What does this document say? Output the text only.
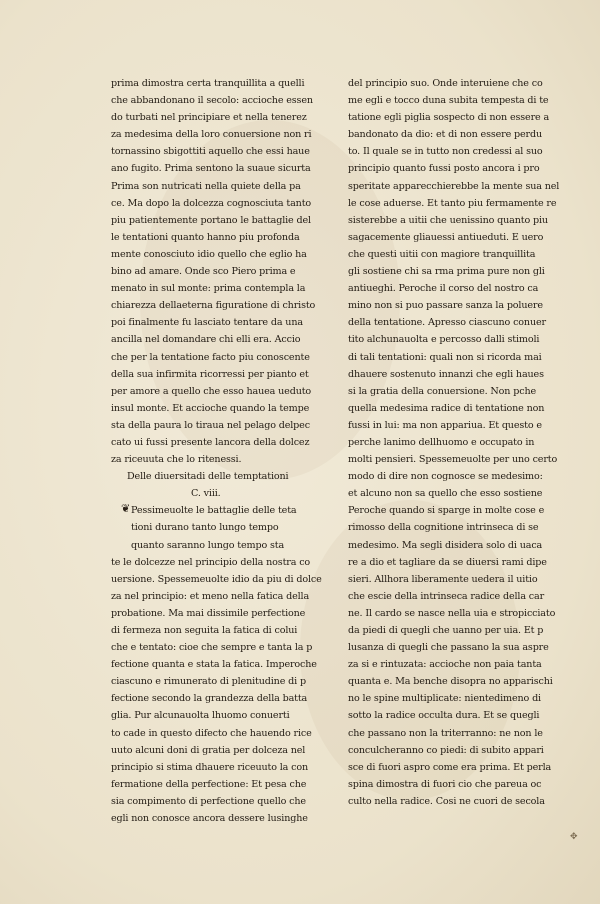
prima dimostra certa tranquillita a quelli
che abbandonano il secolo: accioche essen
do turbati nel principiare et nella tenerez
za medesima della loro conuersione non ri
tornassino sbigottiti aquello che essi haue
ano fugito. Prima sentono la suaue sicurta
Prima son nutricati nella quiete della pa
ce. Ma dopo la dolcezza cognosciuta tanto
piu patientemente portano le battaglie del
le tentationi quanto hanno piu profonda
mente conosciuto idio quello che eglio ha
bino ad amare. Onde sco Piero prima e
menato in sul monte: prima contempla la
chiarezza dellaeterna figuratione di christo
poi finalmente fu lasciato tentare da una
ancilla nel domandare chi elli era. Accio
che per la tentatione facto piu conoscente
della sua infirmita ricorressi per pianto et
per amore a quello che esso hauea ueduto
insul monte. Et accioche quando la tempe
sta della paura lo tiraua nel pelago delpec
cato ui fussi presente lancora della dolcez
za riceuuta che lo ritenessi.
Delle diuersitadi delle temptationi
C. viii.
Pessimeuolte le battaglie delle teta
tioni durano tanto lungo tempo
quanto saranno lungo tempo sta
te le dolcezze nel principio della nostra co
uersione. Spessemeuolte idio da piu di dolce
za nel principio: et meno nella fatica della
probatione. Ma mai dissimile perfectione
di fermeza non seguita la fatica di colui
che e tentato: cioe che sempre e tanta la p
fectione quanta e stata la fatica. Imperoche
ciascuno e rimunerato di plenitudine di p
fectione secondo la grandezza della batta
glia. Pur alcunauolta lhuomo conuerti
to cade in questo difecto che hauendo rice
uuto alcuni doni di gratia per dolceza nel
principio si stima dhauere riceuuto la con
fermatione della perfectione: Et pesa che
sia compimento di perfectione quello che
egli non conosce ancora dessere lusinghe
del principio suo. Onde interuiene che co
me egli e tocco duna subita tempesta di te
tatione egli piglia sospecto di non essere a
bandonato da dio: et di non essere perdu
to. Il quale se in tutto non credessi al suo
principio quanto fussi posto ancora i pro
speritate apparecchierebbe la mente sua nel
le cose aduerse. Et tanto piu fermamente re
sisterebbe a uitii che uenissino quanto piu
sagacemente gliauessi antiueduti. E uero
che questi uitii con magiore tranquillita
gli sostiene chi sa rma prima pure non gli
antiueghi. Peroche il corso del nostro ca
mino non si puo passare sanza la poluere
della tentatione. Apresso ciascuno conuer
tito alchunauolta e percosso dalli stimoli
di tali tentationi: quali non si ricorda mai
dhauere sostenuto innanzi che egli haues
si la gratia della conuersione. Non pche
quella medesima radice di tentatione non
fussi in lui: ma non appariua. Et questo e
perche lanimo dellhuomo e occupato in
molti pensieri. Spessemeuolte per uno certo
modo di dire non cognosce se medesimo:
et alcuno non sa quello che esso sostiene
Peroche quando si sparge in molte cose e
rimosso della cognitione intrinseca di se
medesimo. Ma segli disidera solo di uaca
re a dio et tagliare da se diuersi rami dipe
sieri. Allhora liberamente uedera il uitio
che escie della intrinseca radice della car
ne. Il cardo se nasce nella uia e stropicciato
da piedi di quegli che uanno per uia. Et p
lusanza di quegli che passano la sua aspre
za si e rintuzata: accioche non paia tanta
quanta e. Ma benche disopra no apparischi
no le spine multiplicate: nientedimeno di
sotto la radice occulta dura. Et se quegli
che passano non la triterranno: ne non le
conculcheranno co piedi: di subito appari
sce di fuori aspro come era prima. Et perla
spina dimostra di fuori cio che pareua oc
culto nella radice. Cosi ne cuori de secola
❦
✥
